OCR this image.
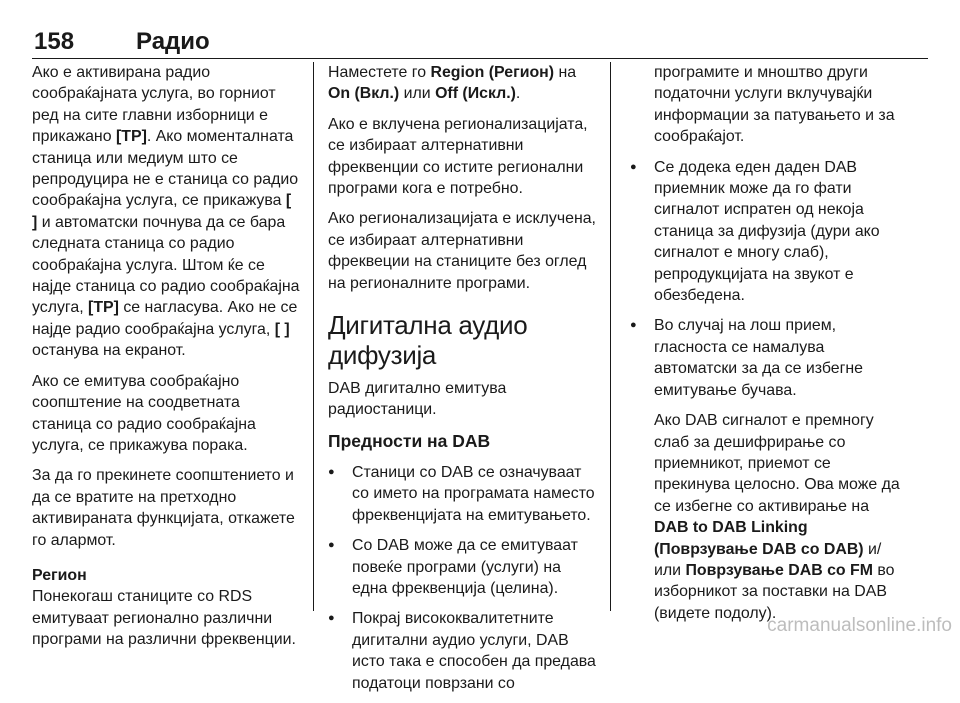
158	Радио

Ако е активирана радио сообраќајната услуга, во горниот ред на сите главни изборници е прикажано [TP]. Ако моменталната станица или медиум што се репродуцира не е станица со радио сообраќајна услуга, се прикажува [ ] и автоматски почнува да се бара следната станица со радио сообраќајна услуга. Штом ќе се најде станица со радио сообраќајна услуга, [TP] се нагласува. Ако не се најде радио сообраќајна услуга, [ ] останува на екранот.

Ако се емитува сообраќајно соопштение на соодветната станица со радио сообраќајна услуга, се прикажува порака.

За да го прекинете соопштението и да се вратите на претходно активираната функцијата, откажете го алармот.

Регион

Понекогаш станиците со RDS емитуваат регионално различни програми на различни фреквенции.

Наместете го Region (Регион) на On (Вкл.) или Off (Искл.).

Ако е вклучена регионализацијата, се избираат алтернативни фреквенции со истите регионални програми кога е потребно.

Ако регионализацијата е исклучена, се избираат алтернативни фреквеции на станиците без оглед на регионалните програми.

Дигитална аудио дифузија

DAB дигитално емитува радиостаници.

Предности на DAB

● Станици со DAB се означуваат со името на програмата наместо фреквенцијата на емитувањето.

● Со DAB може да се емитуваат повеќе програми (услуги) на една фреквенција (целина).

● Покрај висококвалитетните дигитални аудио услуги, DAB исто така е способен да предава податоци поврзани со

програмите и мноштво други податочни услуги вклучувајќи информации за патувањето и за сообраќајот.

● Се додека еден даден DAB приемник може да го фати сигналот испратен од некоја станица за дифузија (дури ако сигналот е многу слаб), репродукцијата на звукот е обезбедена.

● Во случај на лош прием, гласноста се намалува автоматски за да се избегне емитување бучава.

Ако DAB сигналот е премногу слаб за дешифрирање со приемникот, приемот се прекинува целосно. Ова може да се избегне со активирање на DAB to DAB Linking (Поврзување DAB со DAB) и/или Поврзување DAB со FM во изборникот за поставки на DAB (видете подолу).

carmanualsonline.info
